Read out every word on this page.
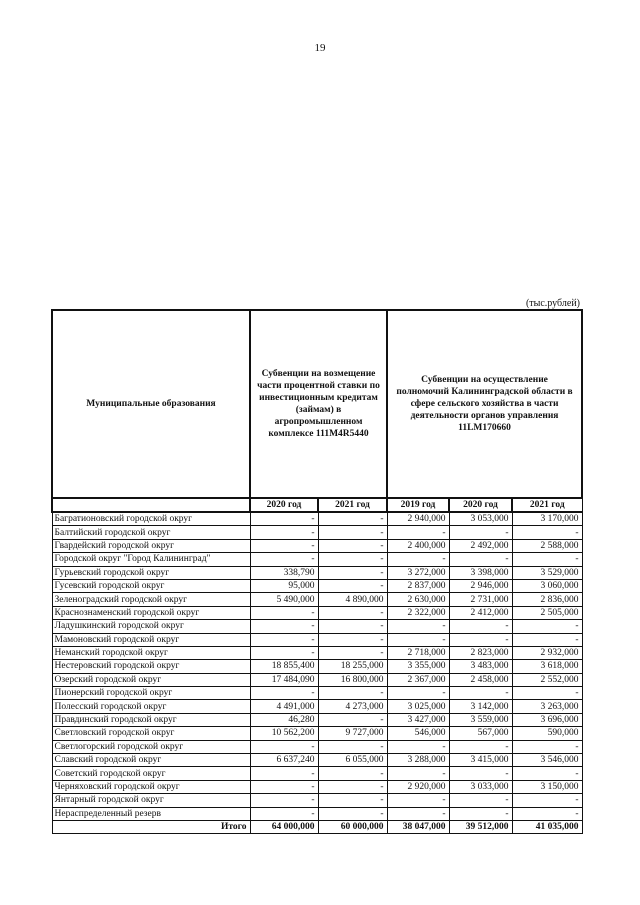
19
(тыс.рублей)
Муниципальные образования	Субвенции на возмещение части процентной ставки по инвестиционным кредитам (займам) в агропромышленном комплексе 111M4R5440		Субвенции на осуществление полномочий Калининградской области в сфере сельского хозяйства в части деятельности органов управления 11LM170660		
	2020 год	2021 год	2019 год	2020 год	2021 год
Багратионовский городской округ	-	-	2 940,000	3 053,000	3 170,000
Балтийский городской округ	-	-	-	-	-
Гвардейский городской округ	-	-	2 400,000	2 492,000	2 588,000
Городской округ "Город Калининград"	-	-	-	-	-
Гурьевский городской округ	338,790	-	3 272,000	3 398,000	3 529,000
Гусевский городской округ	95,000	-	2 837,000	2 946,000	3 060,000
Зеленоградский городской округ	5 490,000	4 890,000	2 630,000	2 731,000	2 836,000
Краснознаменский городской округ	-	-	2 322,000	2 412,000	2 505,000
Ладушкинский городской округ	-	-	-	-	-
Мамоновский городской округ	-	-	-	-	-
Неманский городской округ	-	-	2 718,000	2 823,000	2 932,000
Нестеровский городской округ	18 855,400	18 255,000	3 355,000	3 483,000	3 618,000
Озерский городской округ	17 484,090	16 800,000	2 367,000	2 458,000	2 552,000
Пионерский городской округ	-	-	-	-	-
Полесский городской округ	4 491,000	4 273,000	3 025,000	3 142,000	3 263,000
Правдинский городской округ	46,280	-	3 427,000	3 559,000	3 696,000
Светловский городской округ	10 562,200	9 727,000	546,000	567,000	590,000
Светлогорский городской округ	-	-	-	-	-
Славский городской округ	6 637,240	6 055,000	3 288,000	3 415,000	3 546,000
Советский городской округ	-	-	-	-	-
Черняховский городской округ	-	-	2 920,000	3 033,000	3 150,000
Янтарный городской округ	-	-	-	-	-
Нераспределенный резерв	-	-	-	-	-
Итого	64 000,000	60 000,000	38 047,000	39 512,000	41 035,000
